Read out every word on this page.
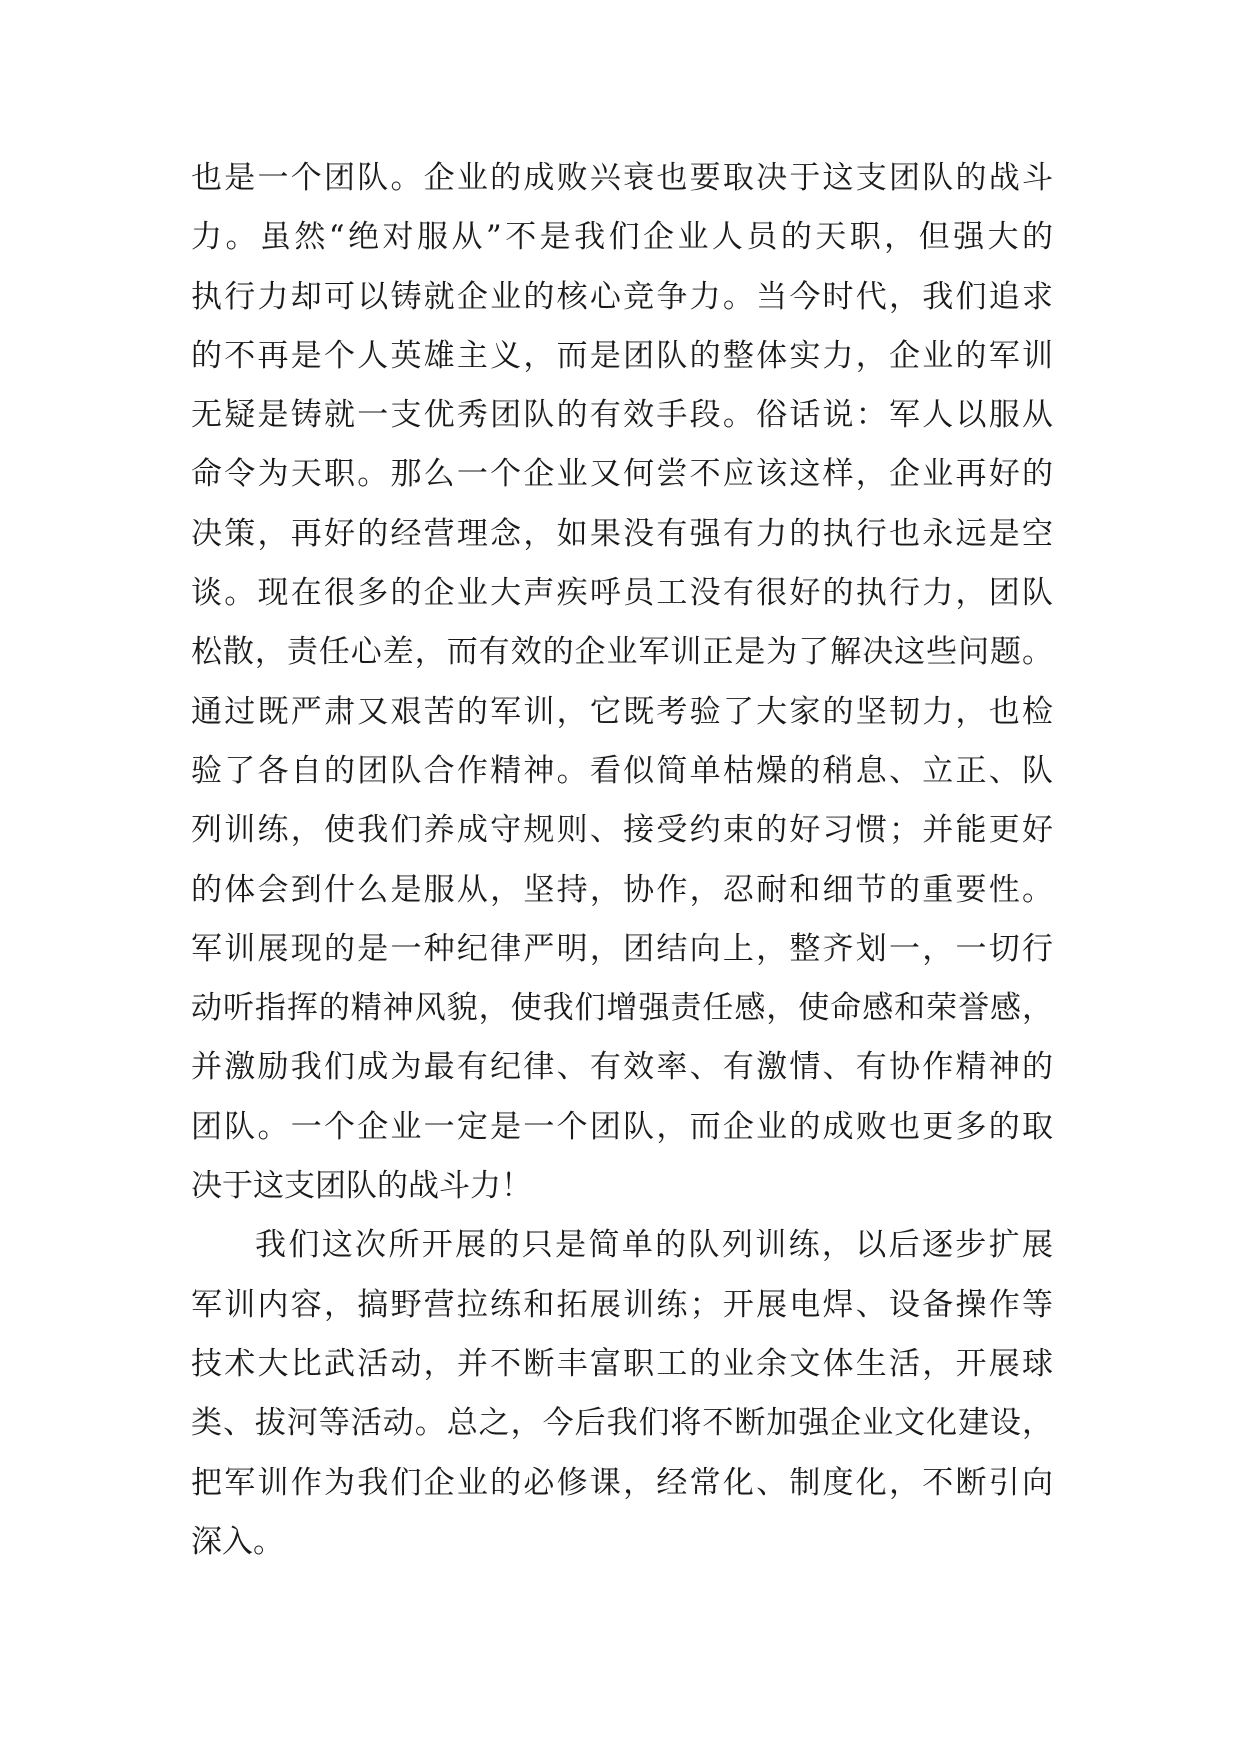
也是一个团队。企业的成败兴衰也要取决于这支团队的战斗
力。虽然“绝对服从”不是我们企业人员的天职，但强大的
执行力却可以铸就企业的核心竞争力。当今时代，我们追求
的不再是个人英雄主义，而是团队的整体实力，企业的军训
无疑是铸就一支优秀团队的有效手段。俗话说：军人以服从
命令为天职。那么一个企业又何尝不应该这样，企业再好的
决策，再好的经营理念，如果没有强有力的执行也永远是空
谈。现在很多的企业大声疾呼员工没有很好的执行力，团队
松散，责任心差，而有效的企业军训正是为了解决这些问题。
通过既严肃又艰苦的军训，它既考验了大家的坚韧力，也检
验了各自的团队合作精神。看似简单枯燥的稍息、立正、队
列训练，使我们养成守规则、接受约束的好习惯；并能更好
的体会到什么是服从，坚持，协作，忍耐和细节的重要性。
军训展现的是一种纪律严明，团结向上，整齐划一，一切行
动听指挥的精神风貌，使我们增强责任感，使命感和荣誉感，
并激励我们成为最有纪律、有效率、有激情、有协作精神的
团队。一个企业一定是一个团队，而企业的成败也更多的取
决于这支团队的战斗力！
我们这次所开展的只是简单的队列训练，以后逐步扩展
军训内容，搞野营拉练和拓展训练；开展电焊、设备操作等
技术大比武活动，并不断丰富职工的业余文体生活，开展球
类、拔河等活动。总之，今后我们将不断加强企业文化建设，
把军训作为我们企业的必修课，经常化、制度化，不断引向
深入。
